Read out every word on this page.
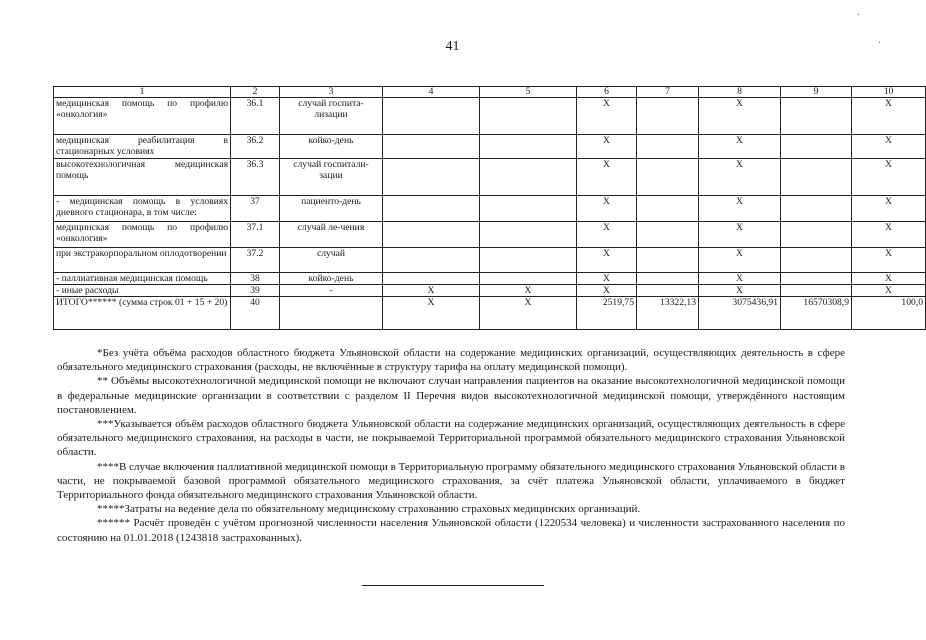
41
·
·
1	2	3	4	5	6	7	8	9	10
медицинская помощь по профилю «онкология»	36.1	случай госпита-лизации			Х		Х		Х
медицинская реабилитация в стационарных условиях	36.2	койко-день			Х		Х		Х
высокотехнологичная медицинская помощь	36.3	случай госпитали-зации			Х		Х		Х
- медицинская помощь в условиях дневного стационара, в том числе:	37	пациенто-день			Х		Х		Х
медицинская помощь по профилю «онкология»	37.1	случай ле-чения			Х		Х		Х
при экстракорпоральном оплодотворении	37.2	случай			Х		Х		Х
- паллиативная медицинская помощь	38	койко-день			Х		Х		Х
- иные расходы	39	-	Х	Х	Х		Х		Х
ИТОГО****** (сумма строк 01 + 15 + 20)	40		Х	Х	2519,75	13322,13	3075436,91	16570308,9	100,0

*Без учёта объёма расходов областного бюджета Ульяновской области на содержание медицинских организаций, осуществляющих деятельность в сфере обязательного медицинского страхования (расходы, не включённые в структуру тарифа на оплату медицинской помощи).

** Объёмы высокотехнологичной медицинской помощи не включают случаи направления пациентов на оказание высокотехнологичной медицинской помощи в федеральные медицинские организации в соответствии с разделом II Перечня видов высокотехнологичной медицинской помощи, утверждённого настоящим постановлением.

***Указывается объём расходов областного бюджета Ульяновской области на содержание медицинских организаций, осуществляющих деятельность в сфере обязательного медицинского страхования, на расходы в части, не покрываемой Территориальной программой обязательного медицинского страхования Ульяновской области.

****В случае включения паллиативной медицинской помощи в Территориальную программу обязательного медицинского страхования Ульяновской области в части, не покрываемой базовой программой обязательного медицинского страхования, за счёт платежа Ульяновской области, уплачиваемого в бюджет Территориального фонда обязательного медицинского страхования Ульяновской области.

*****Затраты на ведение дела по обязательному медицинскому страхованию страховых медицинских организаций.

****** Расчёт проведён с учётом прогнозной численности населения Ульяновской области (1220534 человека) и численности застрахованного населения по состоянию на 01.01.2018 (1243818 застрахованных).
